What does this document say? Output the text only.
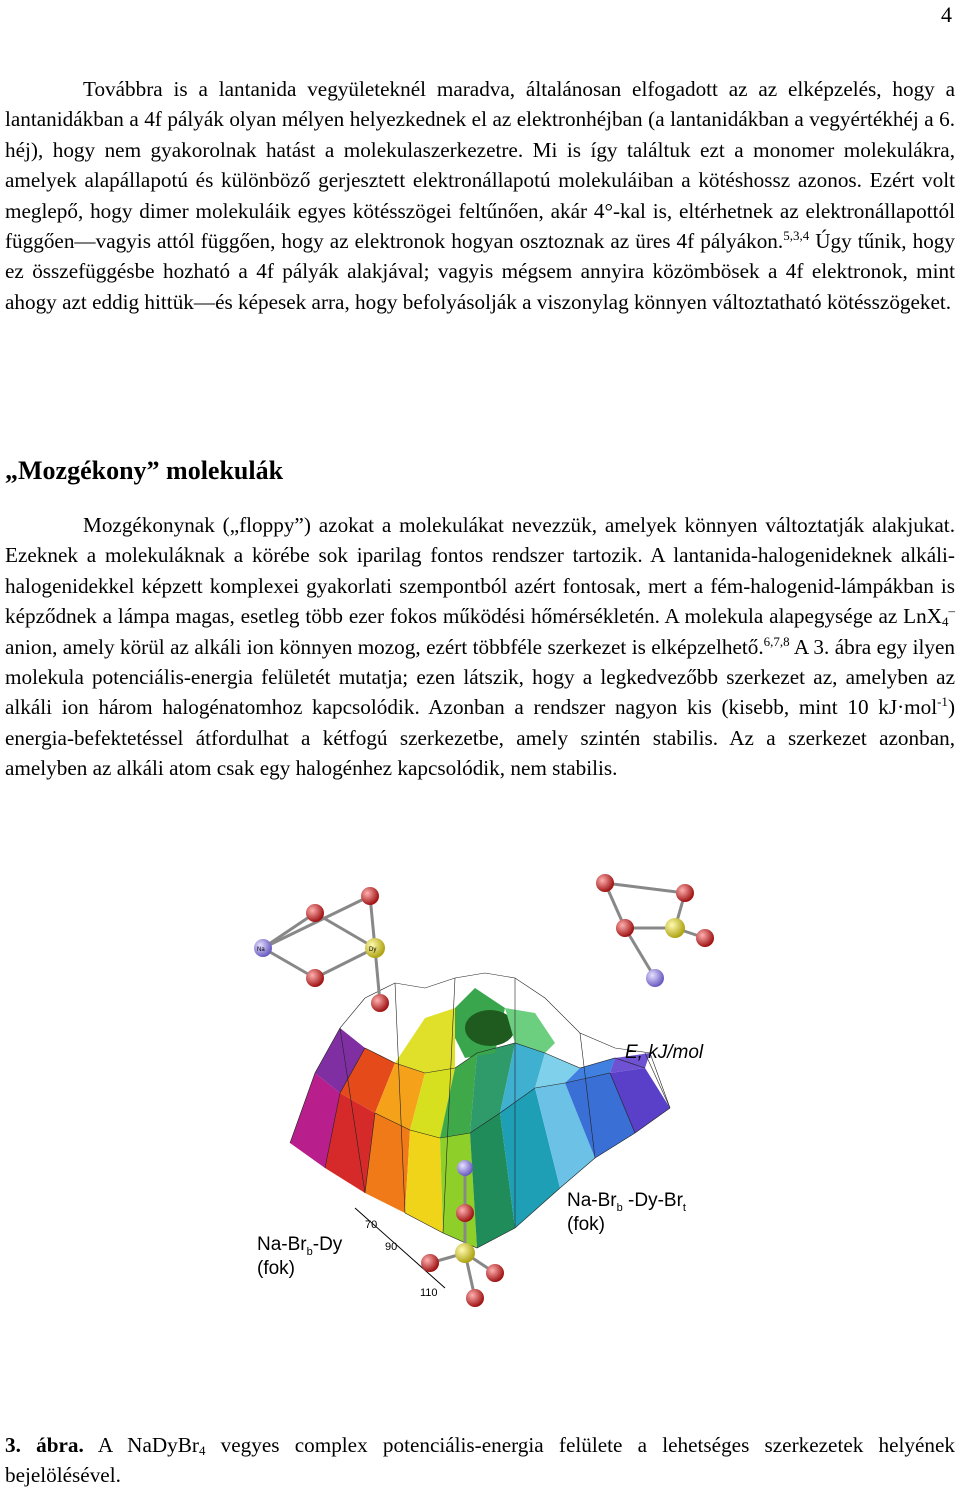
4

Továbbra is a lantanida vegyületeknél maradva, általánosan elfogadott az az elképzelés, hogy a lantanidákban a 4f pályák olyan mélyen helyezkednek el az elektronhéjban (a lantanidákban a vegyértékhéj a 6. héj), hogy nem gyakorolnak hatást a molekulaszerkezetre. Mi is így találtuk ezt a monomer molekulákra, amelyek alapállapotú és különböző gerjesztett elektronállapotú molekuláiban a kötéshossz azonos. Ezért volt meglepő, hogy dimer molekuláik egyes kötésszögei feltűnően, akár 4°-kal is, eltérhetnek az elektronállapottól függően—vagyis attól függően, hogy az elektronok hogyan osztoznak az üres 4f pályákon.$^{5,3,4}$ Úgy tűnik, hogy ez összefüggésbe hozható a 4f pályák alakjával; vagyis mégsem annyira közömbösek a 4f elektronok, mint ahogy azt eddig hittük—és képesek arra, hogy befolyásolják a viszonylag könnyen változtatható kötésszögeket.

„Mozgékony” molekulák

Mozgékonynak („floppy”) azokat a molekulákat nevezzük, amelyek könnyen változtatják alakjukat. Ezeknek a molekuláknak a körébe sok iparilag fontos rendszer tartozik. A lantanida-halogenideknek alkáli-halogenidekkel képzett komplexei gyakorlati szempontból azért fontosak, mert a fém-halogenid-lámpákban is képződnek a lámpa magas, esetleg több ezer fokos működési hőmérsékletén. A molekula alapegysége az LnX$_4$– anion, amely körül az alkáli ion könnyen mozog, ezért többféle szerkezet is elképzelhető.$^{6,7,8}$ A 3. ábra egy ilyen molekula potenciális-energia felületét mutatja; ezen látszik, hogy a legkedvezőbb szerkezet az, amelyben az alkáli ion három halogénatomhoz kapcsolódik. Azonban a rendszer nagyon kis (kisebb, mint 10 kJ·mol$^{-1}$) energia-befektetéssel átfordulhat a kétfogú szerkezetbe, amely szintén stabilis. Az a szerkezet azonban, amelyben az alkáli atom csak egy halogénhez kapcsolódik, nem stabilis.

70
90
110
E, kJ/mol
$Na-Br_b$ $-Dy-Br_t$
(fok)
$Na-Br_b-Dy$
(fok)
Na	Dy

3. ábra. A NaDyBr$_4$ vegyes complex potenciális-energia felülete a lehetséges szerkezetek helyének bejelölésével.
